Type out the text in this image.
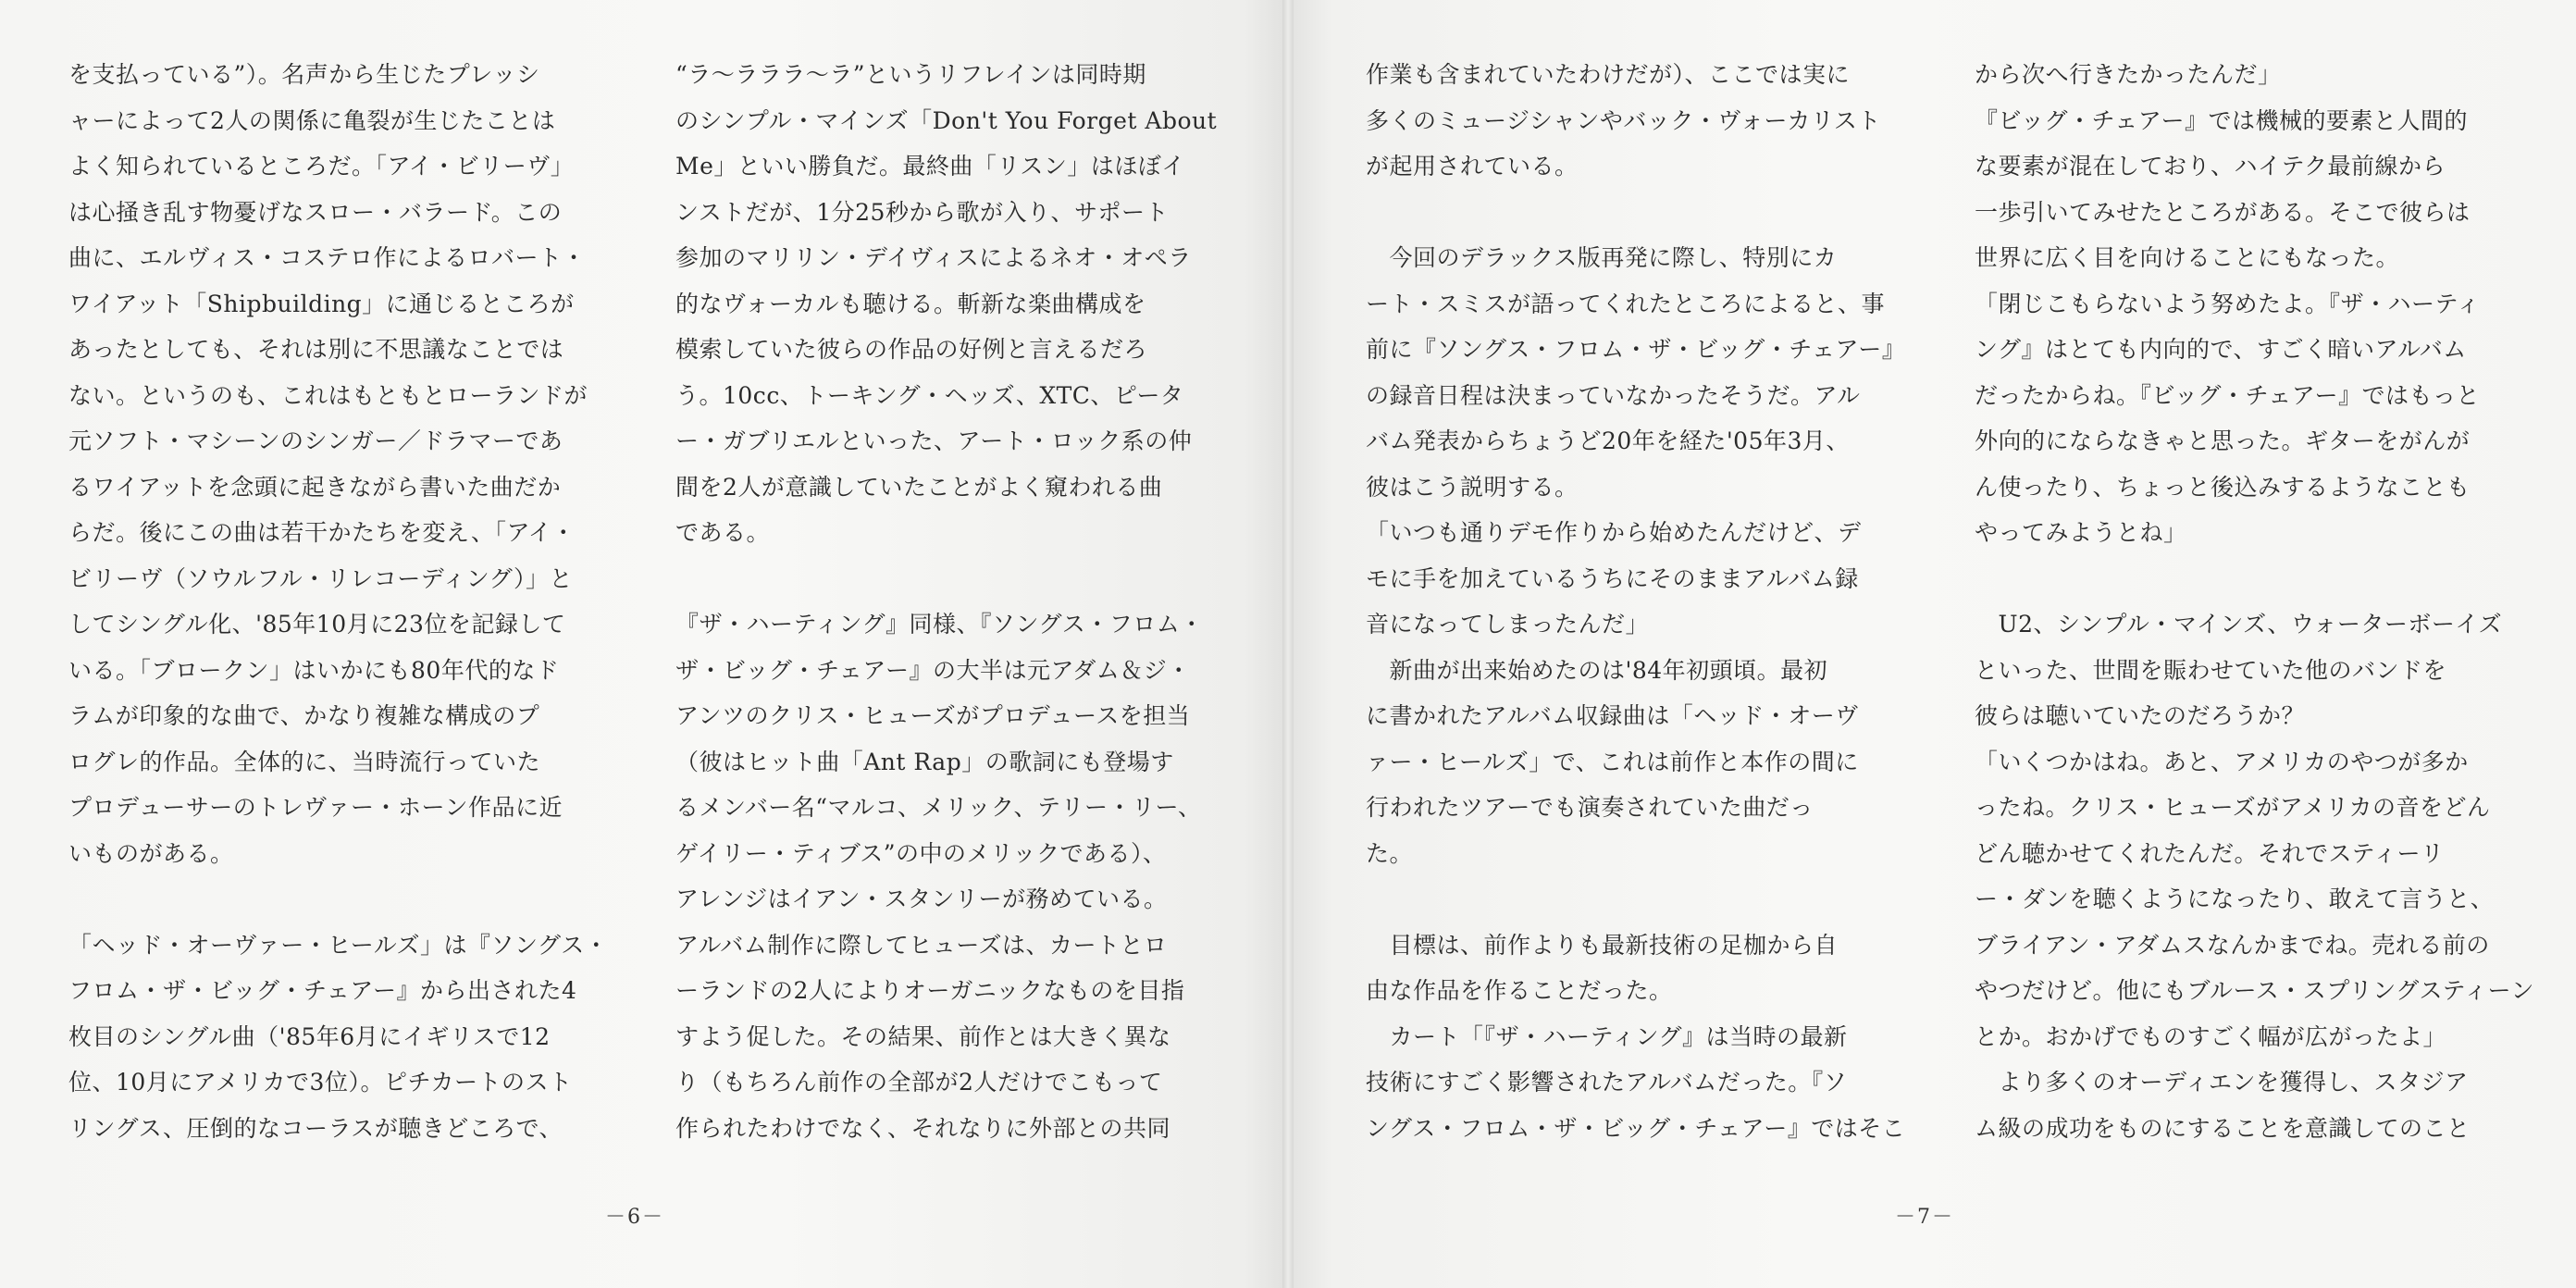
を支払っている”）。名声から生じたプレッシ

ャーによって2人の関係に亀裂が生じたことは

よく知られているところだ。「アイ・ビリーヴ」

は心掻き乱す物憂げなスロー・バラード。この

曲に、エルヴィス・コステロ作によるロバート・

ワイアット「Shipbuilding」に通じるところが

あったとしても、それは別に不思議なことでは

ない。というのも、これはもともとローランドが

元ソフト・マシーンのシンガー／ドラマーであ

るワイアットを念頭に起きながら書いた曲だか

らだ。後にこの曲は若干かたちを変え、「アイ・

ビリーヴ（ソウルフル・リレコーディング）」と

してシングル化、'85年10月に23位を記録して

いる。「ブロークン」はいかにも80年代的なド

ラムが印象的な曲で、かなり複雑な構成のプ

ログレ的作品。全体的に、当時流行っていた

プロデューサーのトレヴァー・ホーン作品に近

いものがある。

「ヘッド・オーヴァー・ヒールズ」は『ソングス・

フロム・ザ・ビッグ・チェアー』から出された4

枚目のシングル曲（'85年6月にイギリスで12

位、10月にアメリカで3位）。ピチカートのスト

リングス、圧倒的なコーラスが聴きどころで、

“ラ～ラララ～ラ”というリフレインは同時期

のシンプル・マインズ「Don't You Forget About

Me」といい勝負だ。最終曲「リスン」はほぼイ

ンストだが、1分25秒から歌が入り、サポート

参加のマリリン・デイヴィスによるネオ・オペラ

的なヴォーカルも聴ける。斬新な楽曲構成を

模索していた彼らの作品の好例と言えるだろ

う。10cc、トーキング・ヘッズ、XTC、ピータ

ー・ガブリエルといった、アート・ロック系の仲

間を2人が意識していたことがよく窺われる曲

である。

『ザ・ハーティング』同様、『ソングス・フロム・

ザ・ビッグ・チェアー』の大半は元アダム＆ジ・

アンツのクリス・ヒューズがプロデュースを担当

（彼はヒット曲「Ant Rap」の歌詞にも登場す

るメンバー名“マルコ、メリック、テリー・リー、

ゲイリー・ティブス”の中のメリックである）、

アレンジはイアン・スタンリーが務めている。

アルバム制作に際してヒューズは、カートとロ

ーランドの2人によりオーガニックなものを目指

すよう促した。その結果、前作とは大きく異な

り（もちろん前作の全部が2人だけでこもって

作られたわけでなく、それなりに外部との共同

－6－

作業も含まれていたわけだが）、ここでは実に

多くのミュージシャンやバック・ヴォーカリスト

が起用されている。

　今回のデラックス版再発に際し、特別にカ

ート・スミスが語ってくれたところによると、事

前に『ソングス・フロム・ザ・ビッグ・チェアー』

の録音日程は決まっていなかったそうだ。アル

バム発表からちょうど20年を経た'05年3月、

彼はこう説明する。

「いつも通りデモ作りから始めたんだけど、デ

モに手を加えているうちにそのままアルバム録

音になってしまったんだ」

　新曲が出来始めたのは'84年初頭頃。最初

に書かれたアルバム収録曲は「ヘッド・オーヴ

ァー・ヒールズ」で、これは前作と本作の間に

行われたツアーでも演奏されていた曲だっ

た。

　目標は、前作よりも最新技術の足枷から自

由な作品を作ることだった。

　カート「『ザ・ハーティング』は当時の最新

技術にすごく影響されたアルバムだった。『ソ

ングス・フロム・ザ・ビッグ・チェアー』ではそこ

から次へ行きたかったんだ」

『ビッグ・チェアー』では機械的要素と人間的

な要素が混在しており、ハイテク最前線から

一歩引いてみせたところがある。そこで彼らは

世界に広く目を向けることにもなった。

「閉じこもらないよう努めたよ。『ザ・ハーティ

ング』はとても内向的で、すごく暗いアルバム

だったからね。『ビッグ・チェアー』ではもっと

外向的にならなきゃと思った。ギターをがんが

ん使ったり、ちょっと後込みするようなことも

やってみようとね」

　U2、シンプル・マインズ、ウォーターボーイズ

といった、世間を賑わせていた他のバンドを

彼らは聴いていたのだろうか？

「いくつかはね。あと、アメリカのやつが多か

ったね。クリス・ヒューズがアメリカの音をどん

どん聴かせてくれたんだ。それでスティーリ

ー・ダンを聴くようになったり、敢えて言うと、

ブライアン・アダムスなんかまでね。売れる前の

やつだけど。他にもブルース・スプリングスティーン

とか。おかげでものすごく幅が広がったよ」

　より多くのオーディエンを獲得し、スタジア

ム級の成功をものにすることを意識してのこと

－7－
